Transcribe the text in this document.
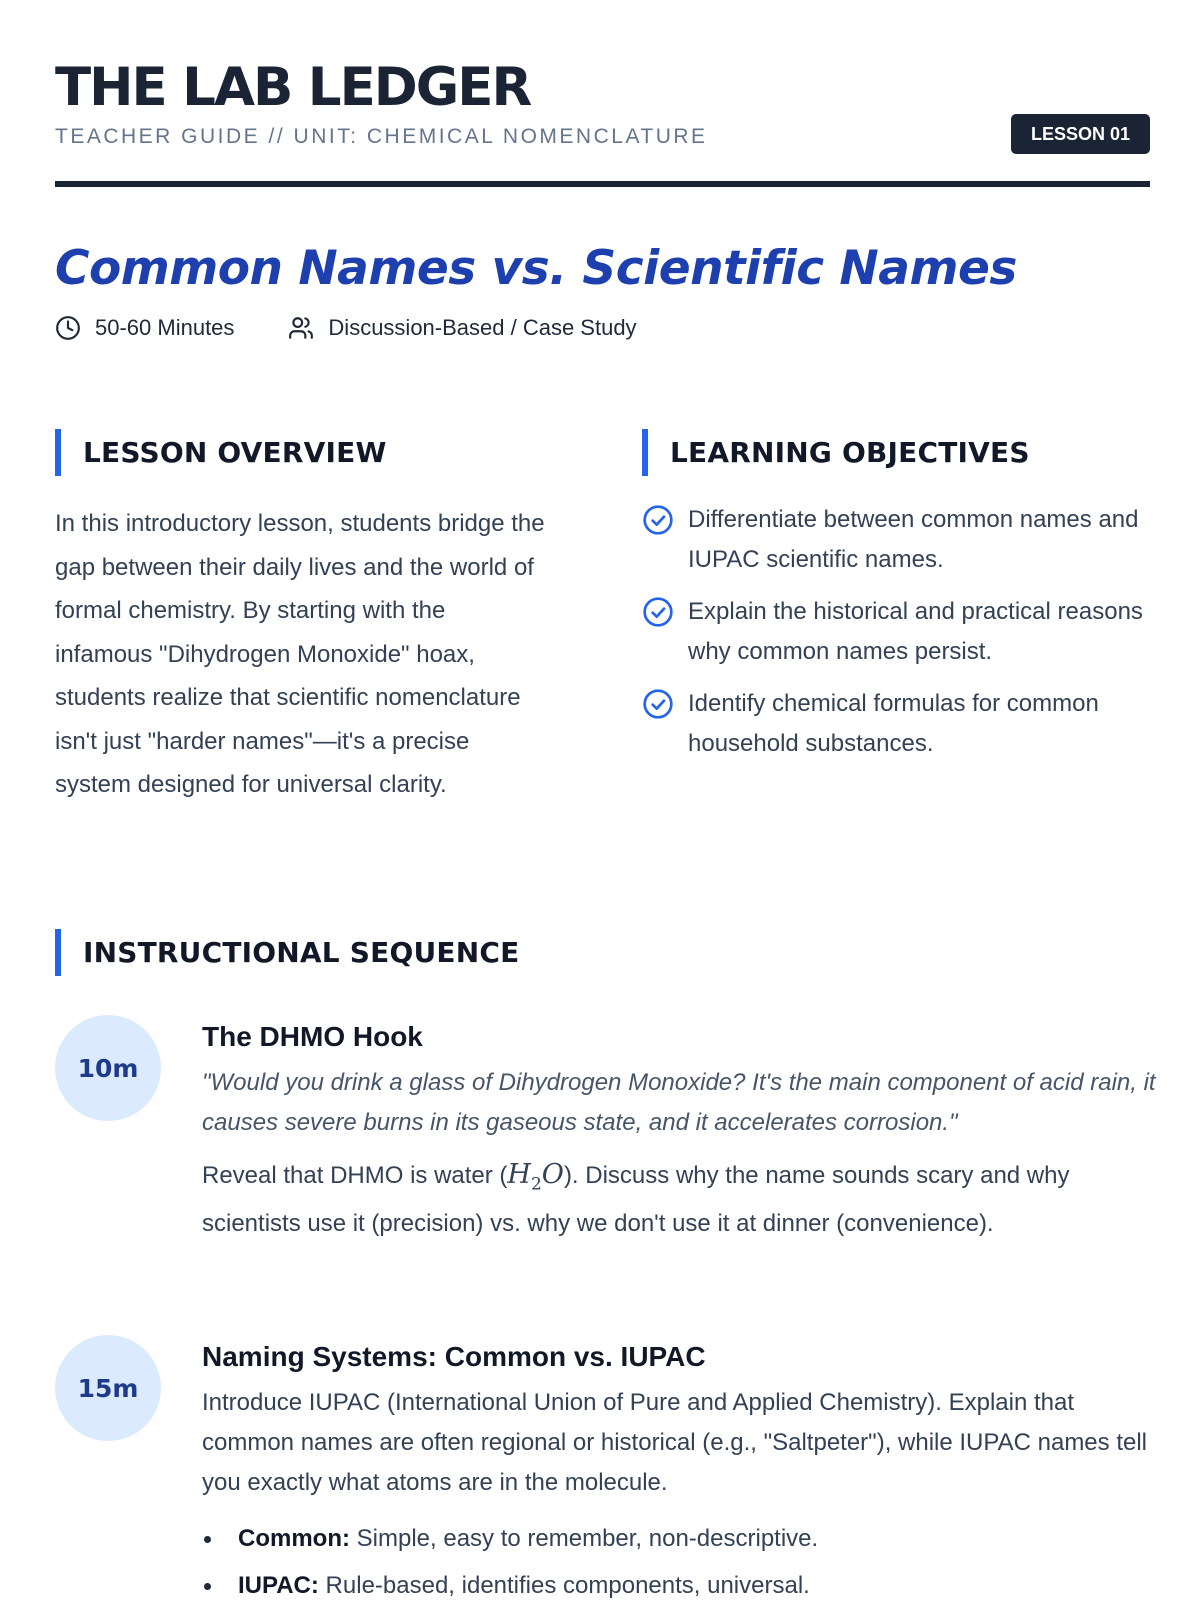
THE LAB LEDGER
TEACHER GUIDE // UNIT: CHEMICAL NOMENCLATURE	LESSON 01
Common Names vs. Scientific Names
50-60 Minutes	Discussion-Based / Case Study
LESSON OVERVIEW

In this introductory lesson, students bridge the gap between their daily lives and the world of formal chemistry. By starting with the infamous "Dihydrogen Monoxide" hoax, students realize that scientific nomenclature isn't just "harder names"—it's a precise system designed for universal clarity.

LEARNING OBJECTIVES
Differentiate between common names and IUPAC scientific names.
Explain the historical and practical reasons why common names persist.
Identify chemical formulas for common household substances.
INSTRUCTIONAL SEQUENCE
10m
The DHMO Hook

"Would you drink a glass of Dihydrogen Monoxide? It's the main component of acid rain, it causes severe burns in its gaseous state, and it accelerates corrosion."

Reveal that DHMO is water $(H_2O)$. Discuss why the name sounds scary and why scientists use it (precision) vs. why we don't use it at dinner (convenience).

15m
Naming Systems: Common vs. IUPAC

Introduce IUPAC (International Union of Pure and Applied Chemistry). Explain that common names are often regional or historical (e.g., "Saltpeter"), while IUPAC names tell you exactly what atoms are in the molecule.

Common: Simple, easy to remember, non-descriptive.
IUPAC: Rule-based, identifies components, universal.
